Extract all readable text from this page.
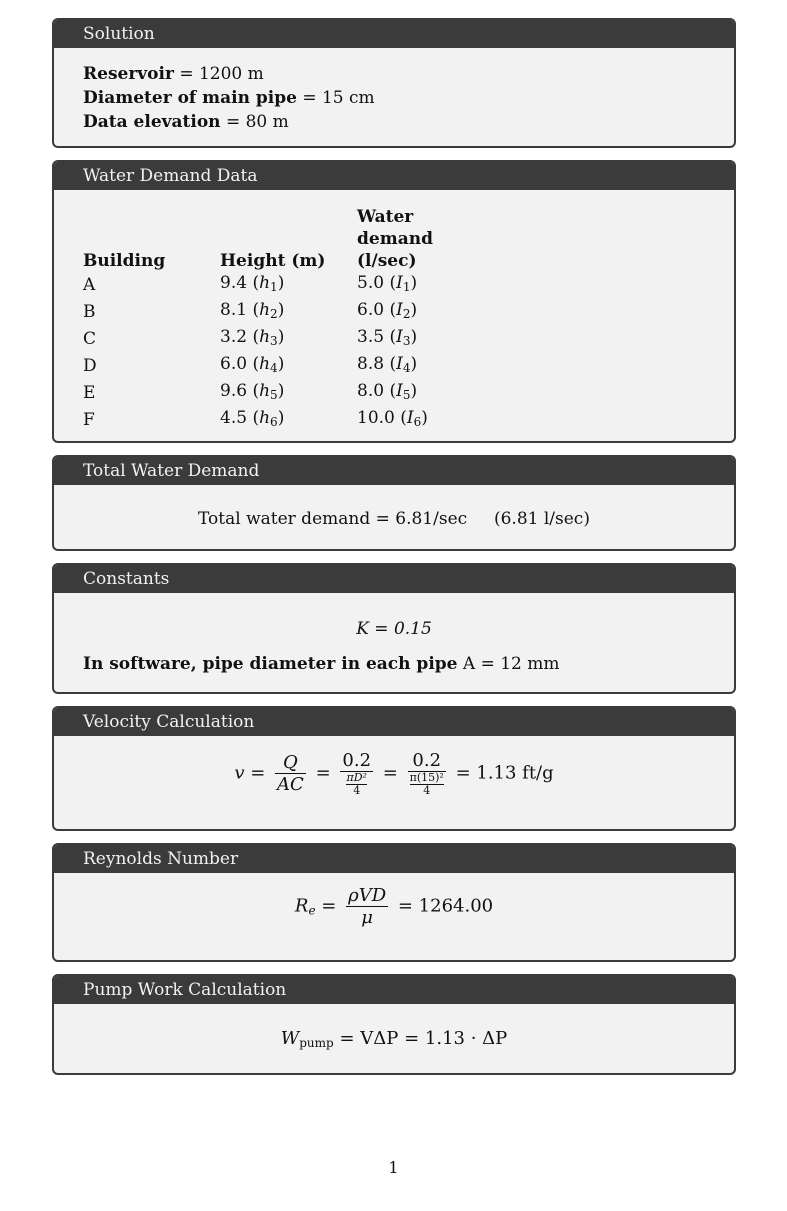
Solution
Reservoir = 1200 m
Diameter of main pipe = 15 cm
Data elevation = 80 m
Water Demand Data
Building	Height (m)	Water
demand
(l/sec)

A	9.4 $(h_1)$	5.0 $(I_1)$
B	8.1 $(h_2)$	6.0 $(I_2)$
C	3.2 $(h_3)$	3.5 $(I_3)$
D	6.0 $(h_4)$	8.8 $(I_4)$
E	9.6 $(h_5)$	8.0 $(I_5)$
F	4.5 $(h_6)$	10.0 $(I_6)$
Total Water Demand
Total water demand = 6.81/sec (6.81 l/sec)
Constants
K = 0.15
In software, pipe diameter in each pipe A = 12 mm
Velocity Calculation
$v = \frac{Q}{AC} = \frac{0.2}{\frac{\text{πD²}}{4}} = \frac{0.2}{\frac{\text{π(15)²}}{4}} = 1.13$ ft/g
Reynolds Number
$R_e = \frac{\text{ρVD}}{\mu} = 1264.00$
Pump Work Calculation
$W_{pump} = V\Delta P = 1.13 \cdot \Delta P$
1
